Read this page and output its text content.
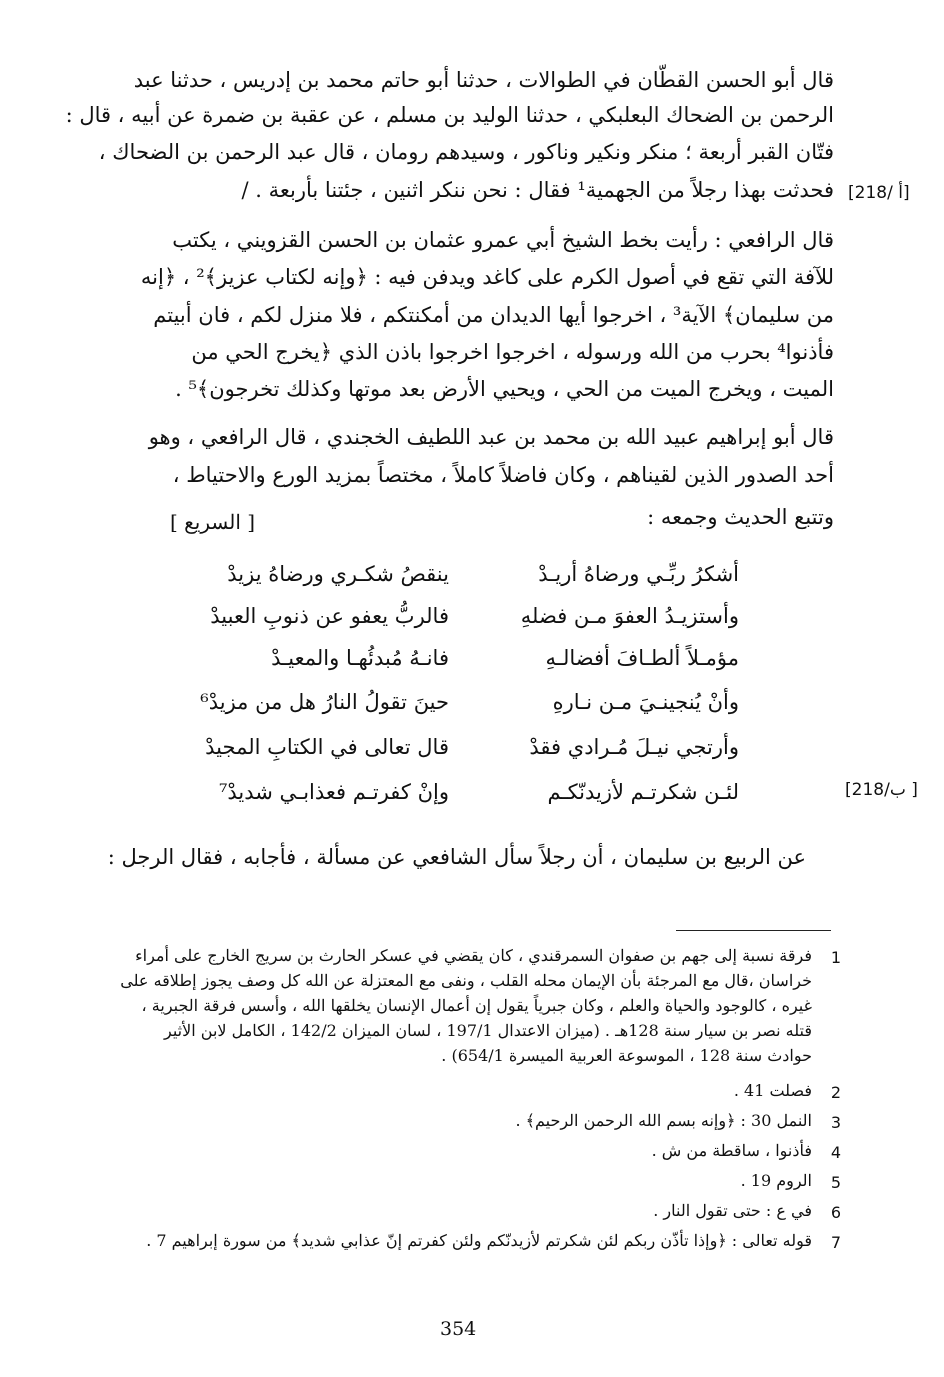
قال أبو الحسن القطّان في الطوالات ، حدثنا أبو حاتم محمد بن إدريس ، حدثنا عبد
الرحمن بن الضحاك البعلبكي ، حدثنا الوليد بن مسلم ، عن عقبة بن ضمرة عن أبيه ، قال :
فتّان القبر أربعة ؛ منكر ونكير وناكور ، وسيدهم رومان ، قال عبد الرحمن بن الضحاك ،
فحدثت بهذا رجلاً من الجهمية¹ فقال : نحن ننكر اثنين ، جئتنا بأربعة . /
قال الرافعي : رأيت بخط الشيخ أبي عمرو عثمان بن الحسن القزويني ، يكتب
للآفة التي تقع في أصول الكرم على كاغد ويدفن فيه : ﴿وإنه لكتاب عزيز﴾² ، ﴿إنه
من سليمان﴾ الآية³ ، اخرجوا أيها الديدان من أمكنتكم ، فلا منزل لكم ، فان أبيتم
فأذنوا⁴ بحرب من الله ورسوله ، اخرجوا اخرجوا باذن الذي ﴿يخرج الحي من
الميت ، ويخرج الميت من الحي ، ويحيي الأرض بعد موتها وكذلك تخرجون﴾⁵ .
قال أبو إبراهيم عبيد الله بن محمد بن عبد اللطيف الخجندي ، قال الرافعي ، وهو
أحد الصدور الذين لقيناهم ، وكان فاضلاً كاملاً ، مختصاً بمزيد الورع والاحتياط ،
وتتبع الحديث وجمعه :
[ السريع ]
[218/ أ]
[218/ب ]
أشكرُ ربِّـي ورضاهُ أريـدْ
ينقصُ شكـري ورضاهُ يزيدْ
وأستزيـدُ العفوَ مـن فضلهِ
فالربُّ يعفو عن ذنوبِ العبيدْ
مؤمـلاً ألطـافَ أفضالـهِ
فانـهُ مُبدئُهـا والمعيـدْ
وأنْ يُنجينـيَ مـن نـارهِ
حينَ تقولُ النارُ هل من مزيدْ⁶
وأرتجي نيـلَ مُـرادي فقدْ
قال تعالى في الكتابِ المجيدْ
لئـن شكرتـم لأزيدنّكـم
وإنْ كفرتـم فعذابـي شديدْ⁷
عن الربيع بن سليمان ، أن رجلاً سأل الشافعي عن مسألة ، فأجابه ، فقال الرجل :
1
فرقة نسبة إلى جهم بن صفوان السمرقندي ، كان يقضي في عسكر الحارث بن سريج الخارج على أمراء
خراسان ،قال مع المرجئة بأن الإيمان محله القلب ، ونفى مع المعتزلة عن الله كل وصف يجوز إطلاقه على
غيره ، كالوجود والحياة والعلم ، وكان جبرياً يقول إن أعمال الإنسان يخلقها الله ، وأسس فرقة الجبرية ،
قتله نصر بن سيار سنة 128هـ . (ميزان الاعتدال 197/1 ، لسان الميزان 142/2 ، الكامل لابن الأثير
حوادث سنة 128 ، الموسوعة العربية الميسرة 654/1) .
2
فصلت 41 .
3
النمل 30 : ﴿وإنه بسم الله الرحمن الرحيم﴾ .
4
فأذنوا ، ساقطة من ش .
5
الروم 19 .
6
في ع : حتى تقول النار .
7
قوله تعالى : ﴿وإذا تأذّن ربكم لئن شكرتم لأزيدنّكم ولئن كفرتم إنّ عذابي شديد﴾ من سورة إبراهيم 7 .
354
